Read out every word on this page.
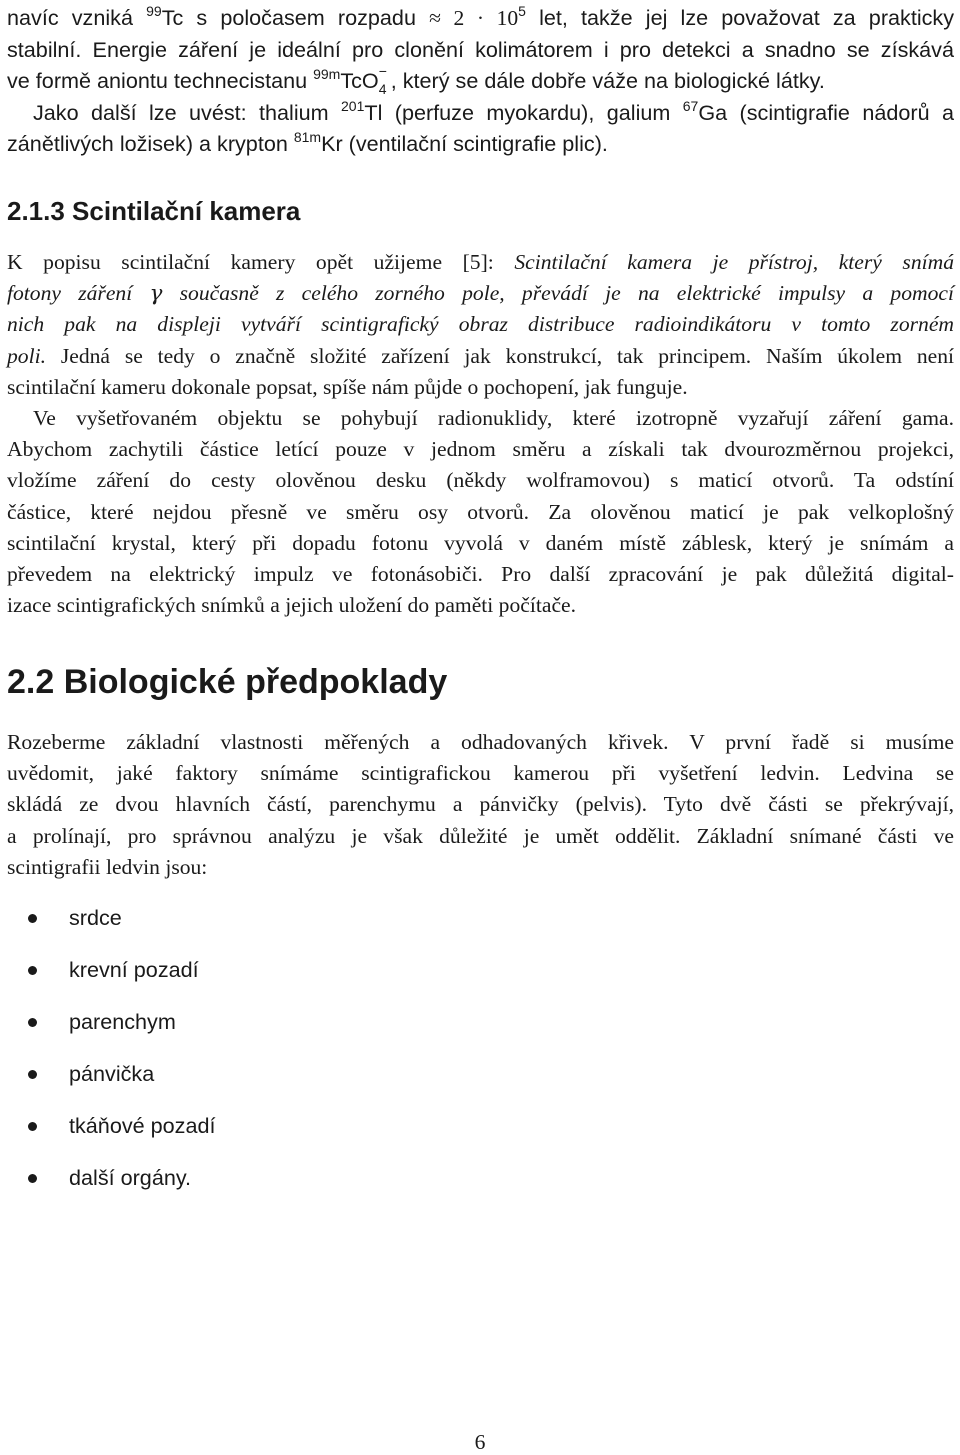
navíc vzniká $^{99}$Tc s poločasem rozpadu ≈ $2 \cdot 10^5$ let, takže jej lze považovat za prakticky

stabilní. Energie záření je ideální pro clonění kolimátorem i pro detekci a snadno se získává

ve formě aniontu technecistanu $^{99m}$TcO −
4 , který se dále dobře váže na biologické látky.

Jako další lze uvést: thalium $^{201}$Tl (perfuze myokardu), galium $^{67}$Ga (scintigrafie nádorů a

zánětlivých ložisek) a krypton $^{81m}$Kr (ventilační scintigrafie plic).

2.1.3 Scintilační kamera

K popisu scintilační kamery opět užijeme [5]: Scintilační kamera je přístroj, který snímá

fotony záření γ současně z celého zorného pole, převádí je na elektrické impulsy a pomocí

nich pak na displeji vytváří scintigrafický obraz distribuce radioindikátoru v tomto zorném

poli. Jedná se tedy o značně složité zařízení jak konstrukcí, tak principem. Naším úkolem není

scintilační kameru dokonale popsat, spíše nám půjde o pochopení, jak funguje.

Ve vyšetřovaném objektu se pohybují radionuklidy, které izotropně vyzařují záření gama.

Abychom zachytili částice letící pouze v jednom směru a získali tak dvourozměrnou projekci,

vložíme záření do cesty olověnou desku (někdy wolframovou) s maticí otvorů. Ta odstíní

částice, které nejdou přesně ve směru osy otvorů. Za olověnou maticí je pak velkoplošný

scintilační krystal, který při dopadu fotonu vyvolá v daném místě záblesk, který je snímám a

převedem na elektrický impulz ve fotonásobiči. Pro další zpracování je pak důležitá digital-

izace scintigrafických snímků a jejich uložení do paměti počítače.

2.2 Biologické předpoklady

Rozeberme základní vlastnosti měřených a odhadovaných křivek. V první řadě si musíme

uvědomit, jaké faktory snímáme scintigrafickou kamerou při vyšetření ledvin. Ledvina se

skládá ze dvou hlavních částí, parenchymu a pánvičky (pelvis). Tyto dvě části se překrývají,

a prolínají, pro správnou analýzu je však důležité je umět oddělit. Základní snímané části ve

scintigrafii ledvin jsou:

srdce
krevní pozadí
parenchym
pánvička
tkáňové pozadí
další orgány.
6
